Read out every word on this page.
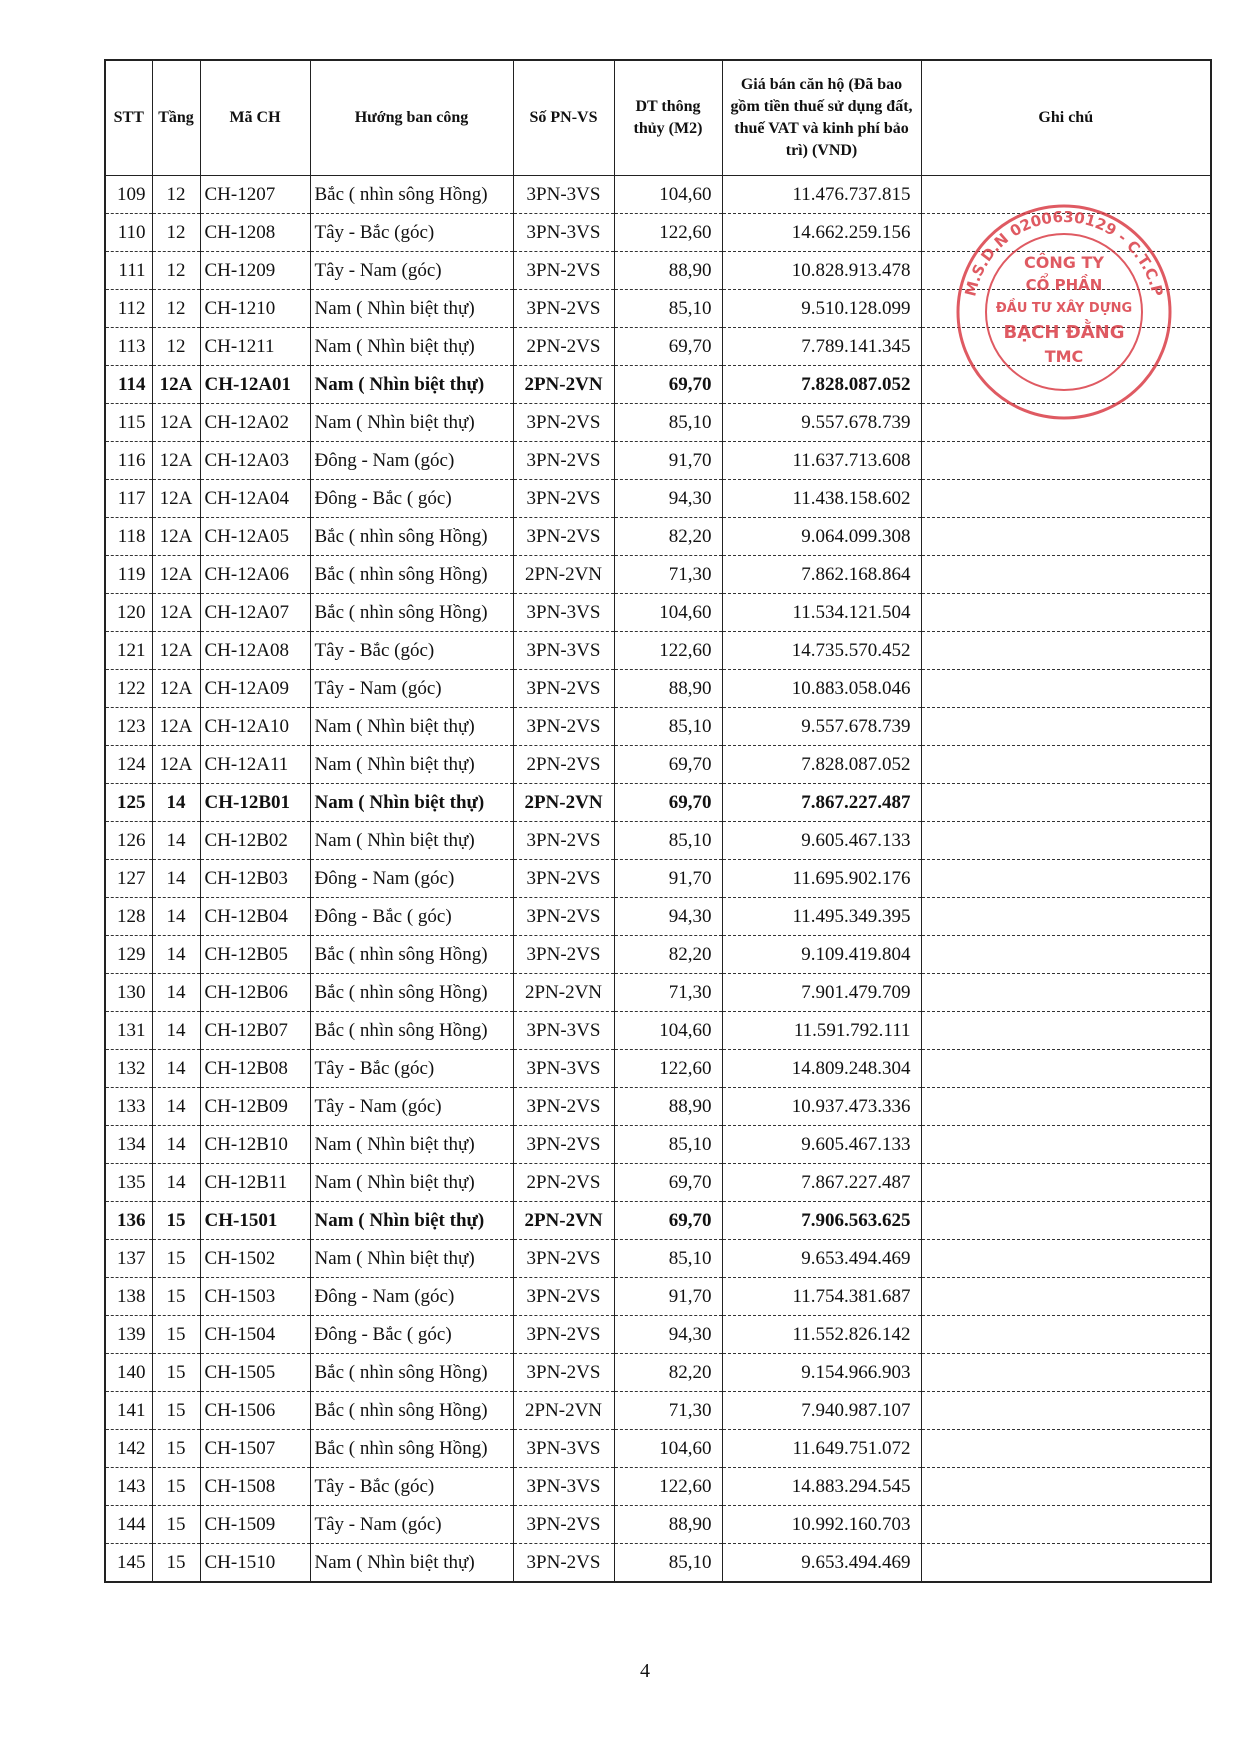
STT	Tầng	Mã CH	Hướng ban công	Số PN-VS	DT thông thủy (M2)	Giá bán căn hộ (Đã bao gồm tiền thuế sử dụng đất, thuế VAT và kinh phí bảo trì) (VND)	Ghi chú
109	12	CH-1207	Bắc ( nhìn sông Hồng)	3PN-3VS	104,60	11.476.737.815	
110	12	CH-1208	Tây - Bắc (góc)	3PN-3VS	122,60	14.662.259.156	
111	12	CH-1209	Tây - Nam (góc)	3PN-2VS	88,90	10.828.913.478	
112	12	CH-1210	Nam ( Nhìn biệt thự)	3PN-2VS	85,10	9.510.128.099	
113	12	CH-1211	Nam ( Nhìn biệt thự)	2PN-2VS	69,70	7.789.141.345	
114	12A	CH-12A01	Nam ( Nhìn biệt thự)	2PN-2VN	69,70	7.828.087.052	
115	12A	CH-12A02	Nam ( Nhìn biệt thự)	3PN-2VS	85,10	9.557.678.739	
116	12A	CH-12A03	Đông - Nam (góc)	3PN-2VS	91,70	11.637.713.608	
117	12A	CH-12A04	Đông - Bắc ( góc)	3PN-2VS	94,30	11.438.158.602	
118	12A	CH-12A05	Bắc ( nhìn sông Hồng)	3PN-2VS	82,20	9.064.099.308	
119	12A	CH-12A06	Bắc ( nhìn sông Hồng)	2PN-2VN	71,30	7.862.168.864	
120	12A	CH-12A07	Bắc ( nhìn sông Hồng)	3PN-3VS	104,60	11.534.121.504	
121	12A	CH-12A08	Tây - Bắc (góc)	3PN-3VS	122,60	14.735.570.452	
122	12A	CH-12A09	Tây - Nam (góc)	3PN-2VS	88,90	10.883.058.046	
123	12A	CH-12A10	Nam ( Nhìn biệt thự)	3PN-2VS	85,10	9.557.678.739	
124	12A	CH-12A11	Nam ( Nhìn biệt thự)	2PN-2VS	69,70	7.828.087.052	
125	14	CH-12B01	Nam ( Nhìn biệt thự)	2PN-2VN	69,70	7.867.227.487	
126	14	CH-12B02	Nam ( Nhìn biệt thự)	3PN-2VS	85,10	9.605.467.133	
127	14	CH-12B03	Đông - Nam (góc)	3PN-2VS	91,70	11.695.902.176	
128	14	CH-12B04	Đông - Bắc ( góc)	3PN-2VS	94,30	11.495.349.395	
129	14	CH-12B05	Bắc ( nhìn sông Hồng)	3PN-2VS	82,20	9.109.419.804	
130	14	CH-12B06	Bắc ( nhìn sông Hồng)	2PN-2VN	71,30	7.901.479.709	
131	14	CH-12B07	Bắc ( nhìn sông Hồng)	3PN-3VS	104,60	11.591.792.111	
132	14	CH-12B08	Tây - Bắc (góc)	3PN-3VS	122,60	14.809.248.304	
133	14	CH-12B09	Tây - Nam (góc)	3PN-2VS	88,90	10.937.473.336	
134	14	CH-12B10	Nam ( Nhìn biệt thự)	3PN-2VS	85,10	9.605.467.133	
135	14	CH-12B11	Nam ( Nhìn biệt thự)	2PN-2VS	69,70	7.867.227.487	
136	15	CH-1501	Nam ( Nhìn biệt thự)	2PN-2VN	69,70	7.906.563.625	
137	15	CH-1502	Nam ( Nhìn biệt thự)	3PN-2VS	85,10	9.653.494.469	
138	15	CH-1503	Đông - Nam (góc)	3PN-2VS	91,70	11.754.381.687	
139	15	CH-1504	Đông - Bắc ( góc)	3PN-2VS	94,30	11.552.826.142	
140	15	CH-1505	Bắc ( nhìn sông Hồng)	3PN-2VS	82,20	9.154.966.903	
141	15	CH-1506	Bắc ( nhìn sông Hồng)	2PN-2VN	71,30	7.940.987.107	
142	15	CH-1507	Bắc ( nhìn sông Hồng)	3PN-3VS	104,60	11.649.751.072	
143	15	CH-1508	Tây - Bắc (góc)	3PN-3VS	122,60	14.883.294.545	
144	15	CH-1509	Tây - Nam (góc)	3PN-2VS	88,90	10.992.160.703	
145	15	CH-1510	Nam ( Nhìn biệt thự)	3PN-2VS	85,10	9.653.494.469	
M.S.D.N 0200630129 - C.T.C.P
CÔNG TY
CỔ PHẦN
ĐẦU TƯ XÂY DỰNG
BẠCH ĐẰNG
TMC
4
